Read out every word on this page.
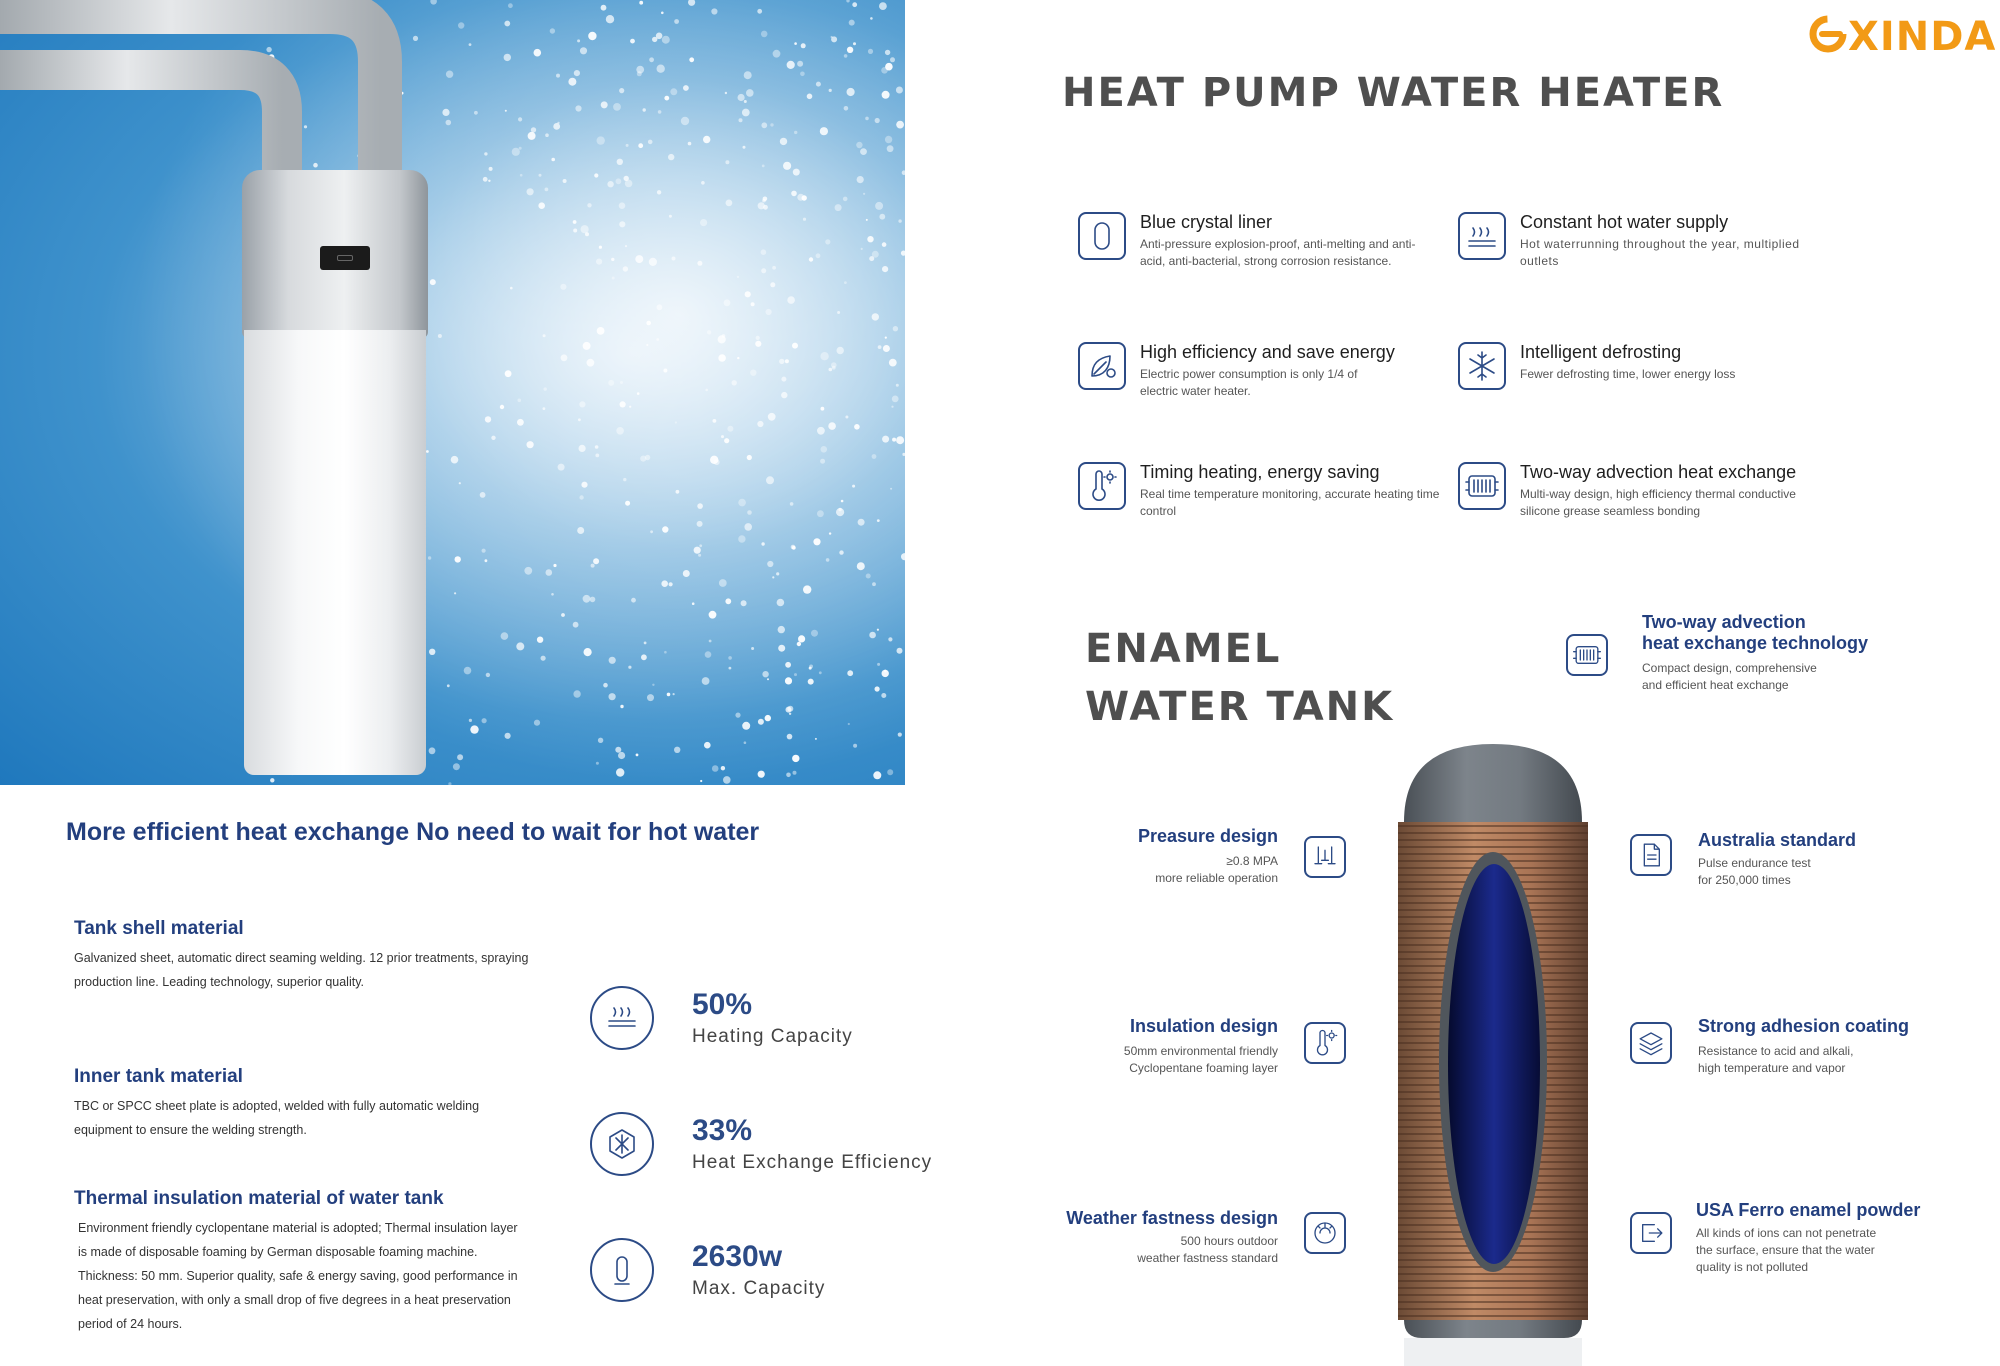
XINDA
HEAT PUMP WATER HEATER
Blue crystal liner
Anti-pressure explosion-proof, anti-melting and anti-acid, anti-bacterial, strong corrosion resistance.
Constant hot water supply
Hot waterrunning throughout the year, multiplied outlets
High efficiency and save energy
Electric power consumption is only 1/4 of electric water heater.
Intelligent defrosting
Fewer defrosting time, lower energy loss
Timing heating, energy saving
Real time temperature monitoring, accurate heating time control
Two-way advection heat exchange
Multi-way design, high efficiency thermal conductive silicone grease seamless bonding
More efficient heat exchange No need to wait for hot water
Tank shell material
Galvanized sheet, automatic direct seaming welding. 12 prior treatments, spraying production line. Leading technology, superior quality.
Inner tank material
TBC or SPCC sheet plate is adopted, welded with fully automatic welding equipment to ensure the welding strength.
Thermal insulation material of water tank
Environment friendly cyclopentane material is adopted; Thermal insulation layer is made of disposable foaming by German disposable foaming machine. Thickness: 50 mm. Superior quality, safe & energy saving, good performance in heat preservation, with only a small drop of five degrees in a heat preservation period of 24 hours.
50%
Heating Capacity
33%
Heat Exchange Efficiency
2630w
Max. Capacity
ENAMEL
WATER TANK
Two-way advection
heat exchange technology
Compact design, comprehensive
and efficient heat exchange
Preasure design
≥0.8 MPA
more reliable operation
Insulation design
50mm environmental friendly
Cyclopentane foaming layer
Weather fastness design
500 hours outdoor
weather fastness standard
Australia standard
Pulse endurance test
for 250,000 times
Strong adhesion coating
Resistance to acid and alkali,
high temperature and vapor
USA Ferro enamel powder
All kinds of ions can not penetrate
the surface, ensure that the water
quality is not polluted
